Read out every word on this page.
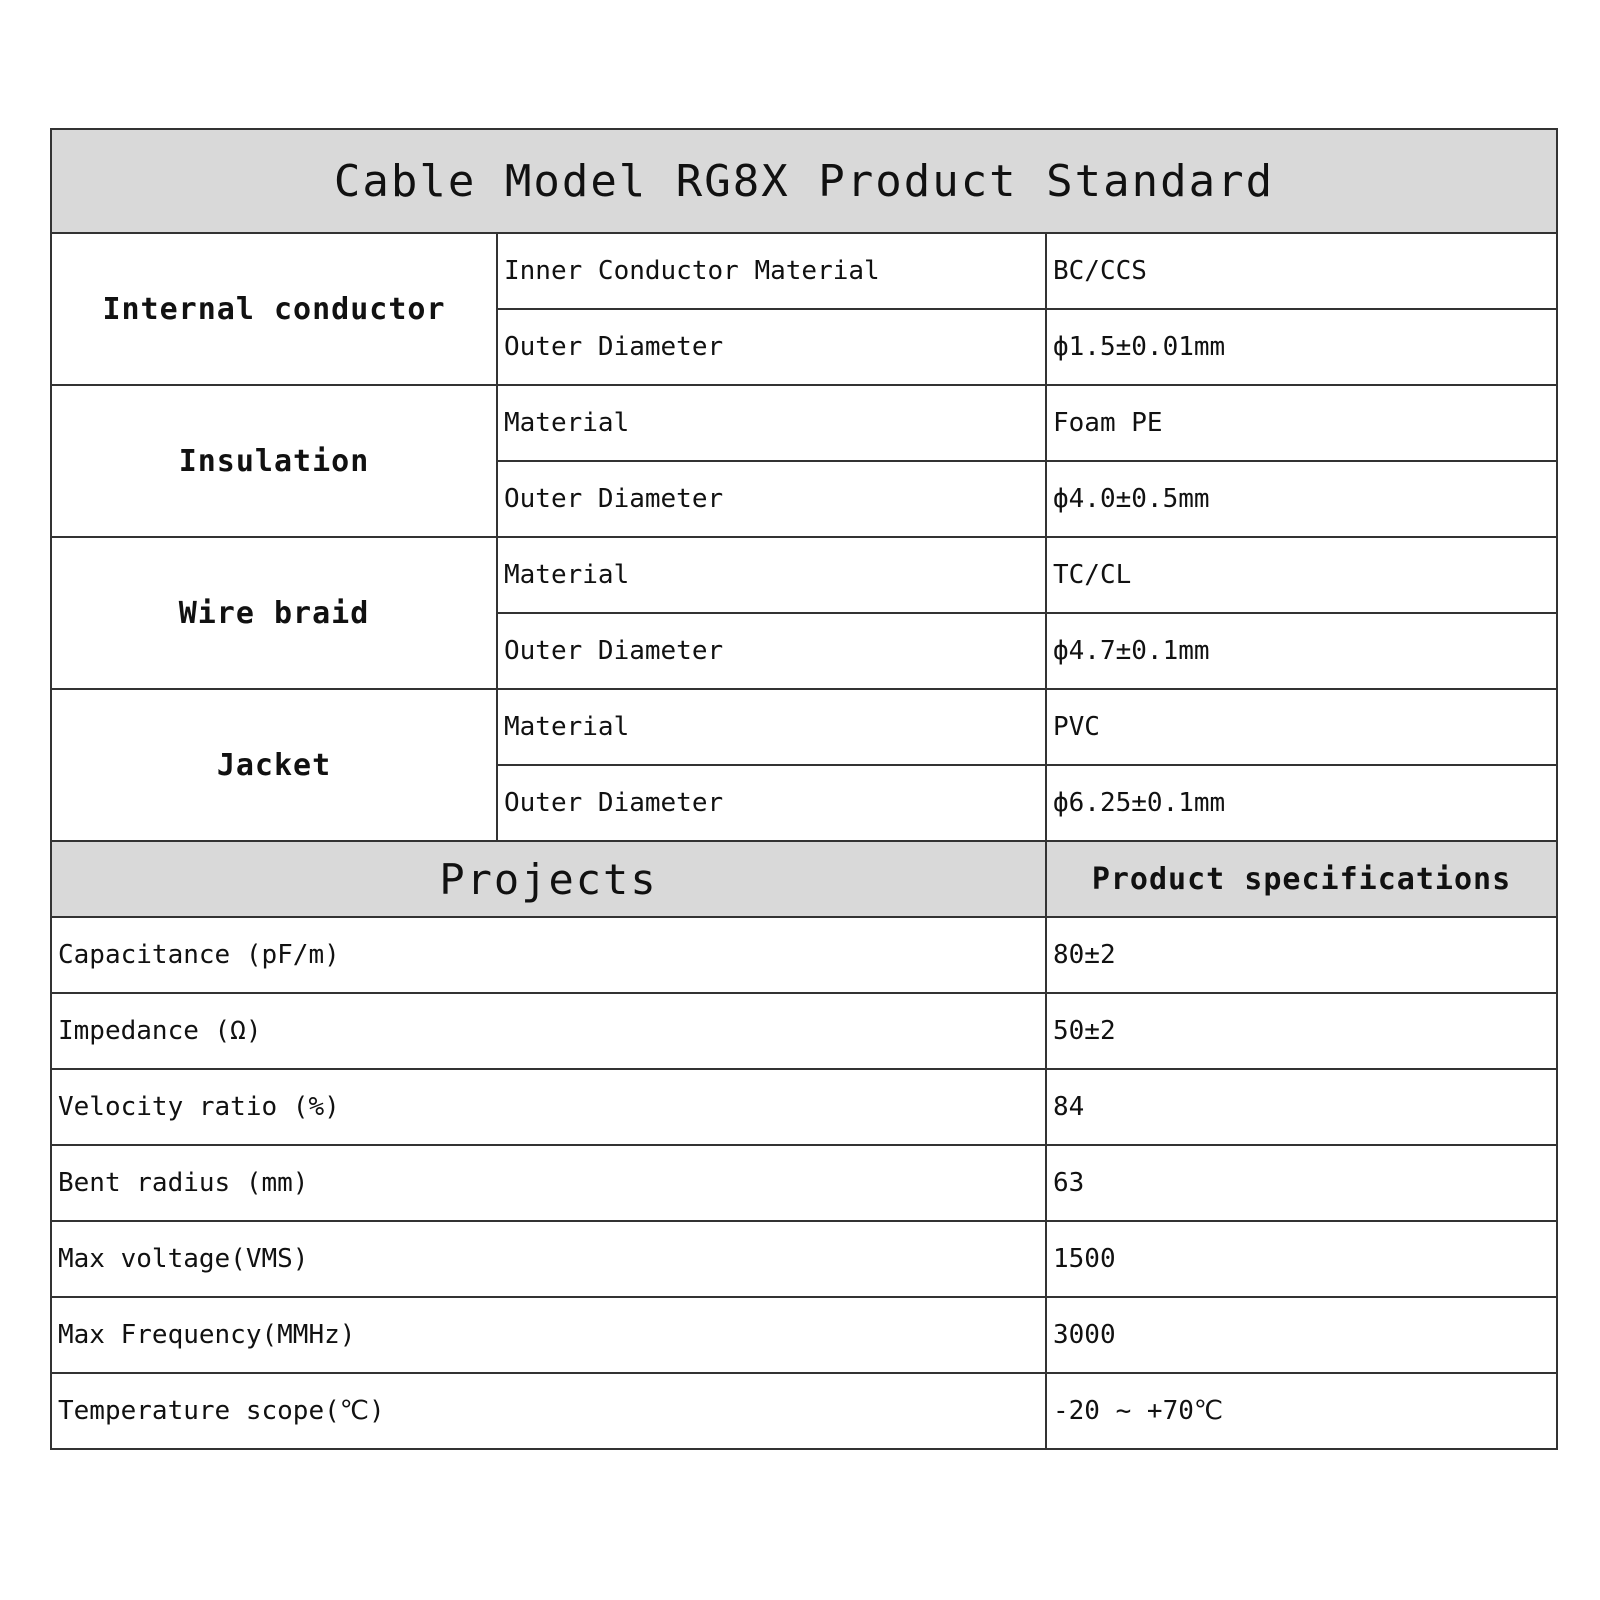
Cable Model RG8X Product Standard		
Internal conductor	Inner Conductor Material	BC/CCS
	Outer Diameter	ф1.5±0.01mm
Insulation	Material	Foam PE
	Outer Diameter	ф4.0±0.5mm
Wire braid	Material	TC/CL
	Outer Diameter	ф4.7±0.1mm
Jacket	Material	PVC
	Outer Diameter	ф6.25±0.1mm
Projects		Product specifications
Capacitance (pF/m)		80±2
Impedance (Ω)		50±2
Velocity ratio (%)		84
Bent radius (mm)		63
Max voltage(VMS)		1500
Max Frequency(MMHz)		3000
Temperature scope(℃)		-20 ~ +70℃
